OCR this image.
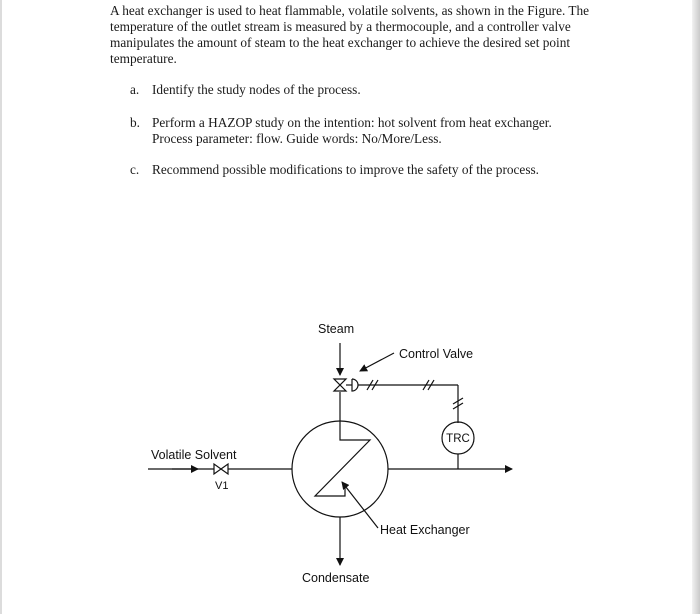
A heat exchanger is used to heat flammable, volatile solvents, as shown in the Figure. The temperature of the outlet stream is measured by a thermocouple, and a controller valve manipulates the amount of steam to the heat exchanger to achieve the desired set point temperature.

a. Identify the study nodes of the process.
b. Perform a HAZOP study on the intention: hot solvent from heat exchanger.
Process parameter: flow. Guide words: No/More/Less.
c. Recommend possible modifications to improve the safety of the process.
Steam
Control Valve
TRC
Volatile Solvent
V1
Heat Exchanger
Condensate
